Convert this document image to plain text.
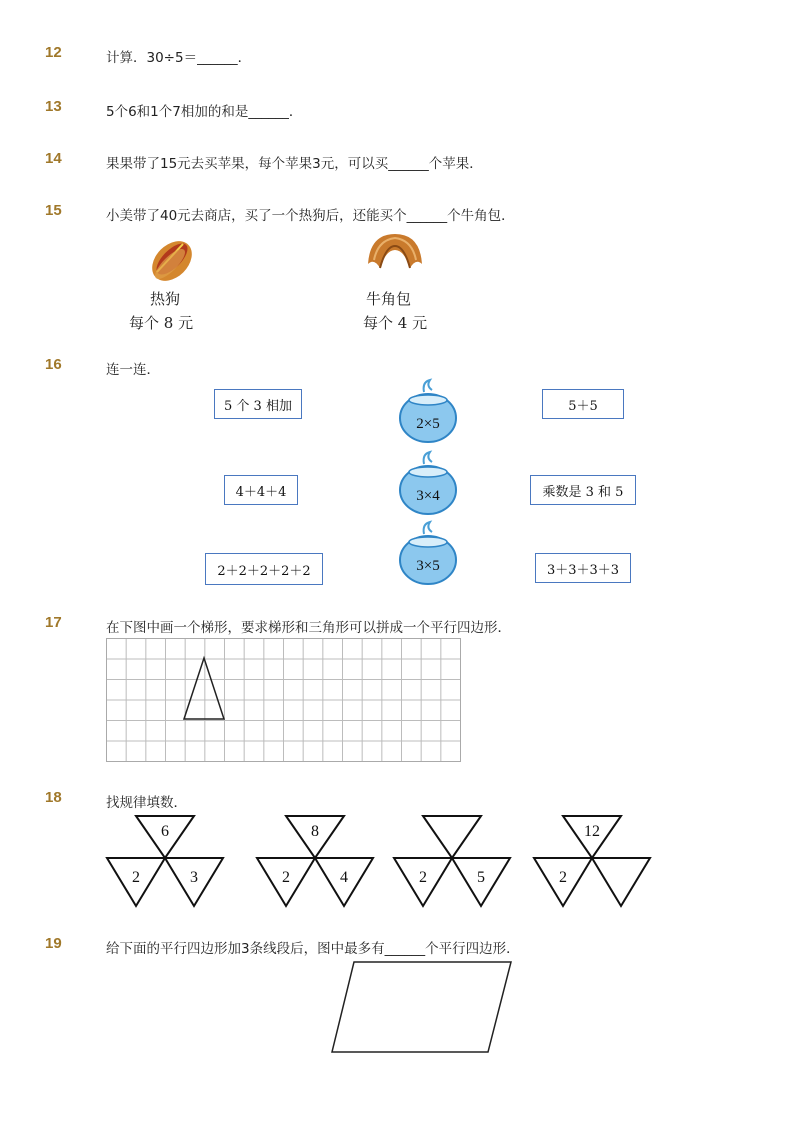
12	计算．30÷5＝______．
13	5个6和1个7相加的和是______．
14	果果带了15元去买苹果，每个苹果3元，可以买______个苹果．
15	小美带了40元去商店，买了一个热狗后，还能买个______个牛角包．
热狗
每个 8 元
牛角包
每个 4 元
16	连一连．
5 个 3 相加
4＋4＋4
2＋2＋2＋2＋2
5＋5
乘数是 3 和 5
3＋3＋3＋3
2×5
3×4
3×5
17	在下图中画一个梯形，要求梯形和三角形可以拼成一个平行四边形．
18	找规律填数．
6
2	3
8
2	4	2	5
12
2
19	给下面的平行四边形加3条线段后，图中最多有______个平行四边形．
